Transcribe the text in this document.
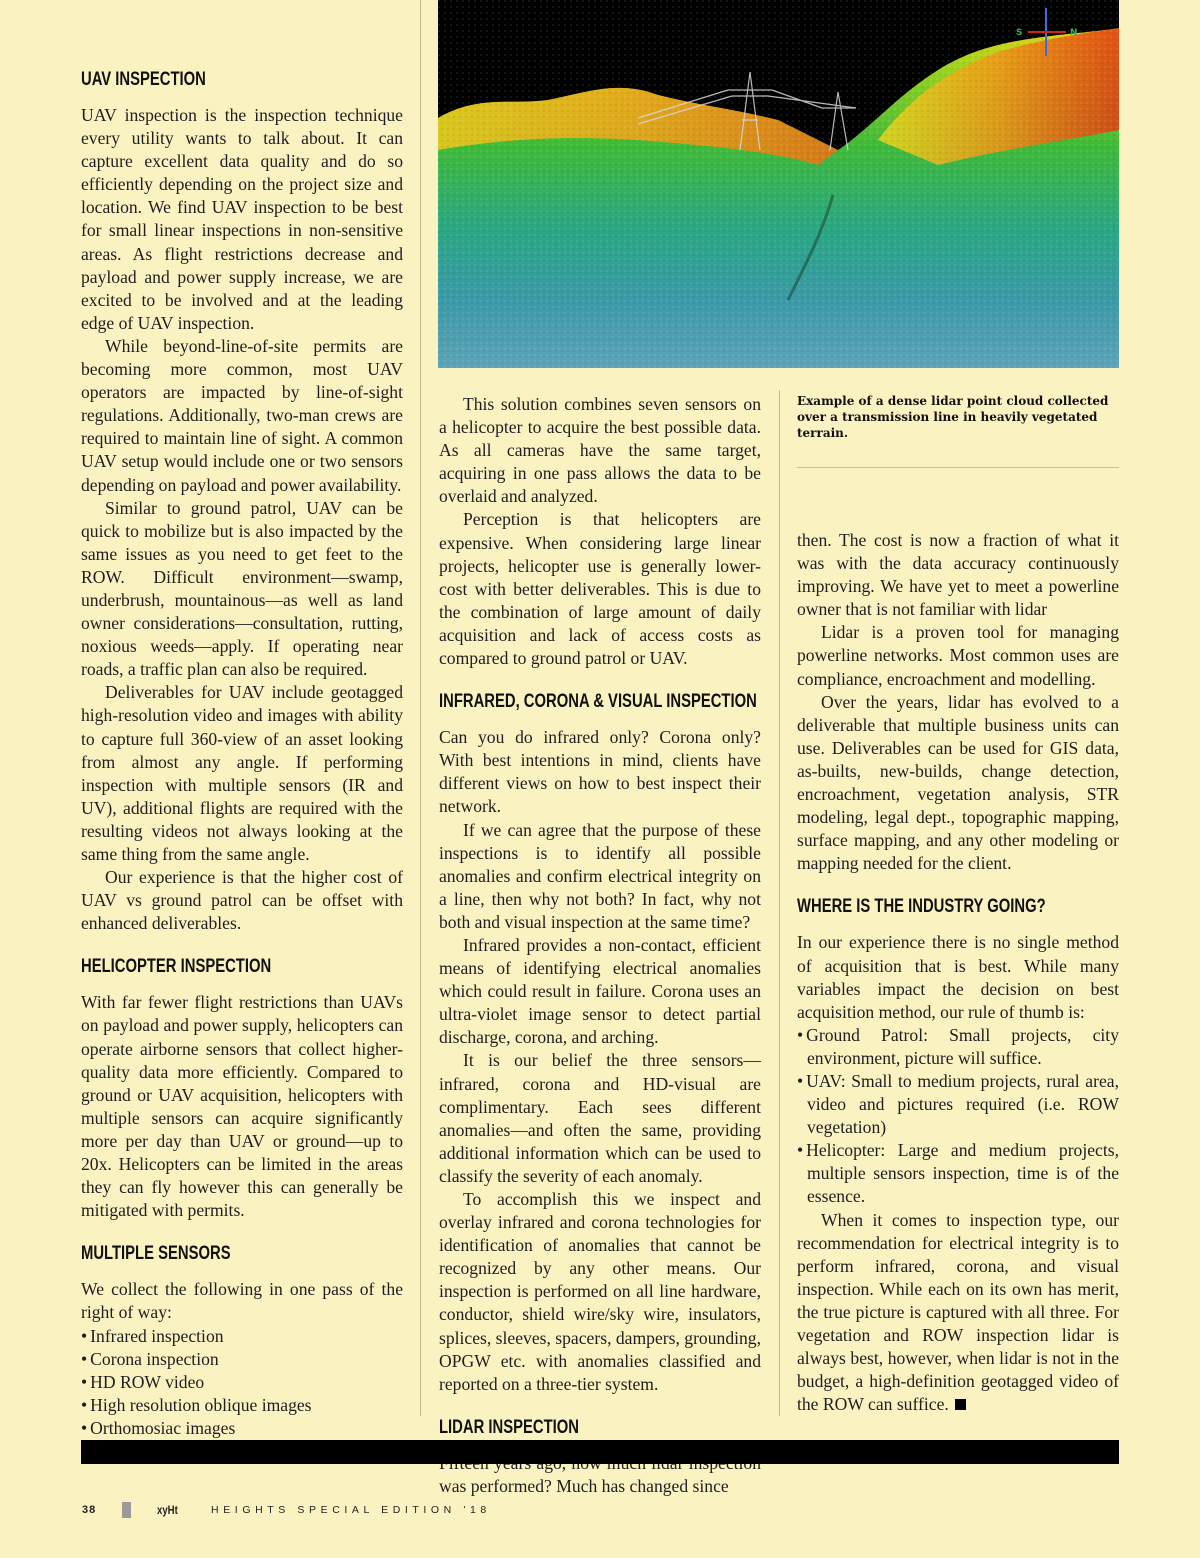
UAV INSPECTION

UAV inspection is the inspection technique every utility wants to talk about. It can capture excellent data quality and do so efficiently depending on the project size and location. We find UAV inspection to be best for small linear inspections in non-sensitive areas. As flight restrictions decrease and payload and power supply increase, we are excited to be involved and at the leading edge of UAV inspection.

While beyond-line-of-site permits are becoming more common, most UAV operators are impacted by line-of-sight regulations. Additionally, two-man crews are required to maintain line of sight. A common UAV setup would include one or two sensors depending on payload and power availability.

Similar to ground patrol, UAV can be quick to mobilize but is also impacted by the same issues as you need to get feet to the ROW. Difficult environment—swamp, underbrush, mountainous—as well as land owner considerations—consultation, rutting, noxious weeds—apply. If operating near roads, a traffic plan can also be required.

Deliverables for UAV include geotagged high-resolution video and images with ability to capture full 360-view of an asset looking from almost any angle. If performing inspection with multiple sensors (IR and UV), additional flights are required with the resulting videos not always looking at the same thing from the same angle.

Our experience is that the higher cost of UAV vs ground patrol can be offset with enhanced deliverables.

HELICOPTER INSPECTION

With far fewer flight restrictions than UAVs on payload and power supply, helicopters can operate airborne sensors that collect higher-quality data more efficiently. Compared to ground or UAV acquisition, helicopters with multiple sensors can acquire significantly more per day than UAV or ground—up to 20x. Helicopters can be limited in the areas they can fly however this can generally be mitigated with permits.

MULTIPLE SENSORS

We collect the following in one pass of the right of way:

• Infrared inspection
• Corona inspection
• HD ROW video
• High resolution oblique images
• Orthomosiac images
•
S	N

This solution combines seven sensors on a helicopter to acquire the best possible data. As all cameras have the same target, acquiring in one pass allows the data to be overlaid and analyzed.

Perception is that helicopters are expensive. When considering large linear projects, helicopter use is generally lower-cost with better deliverables. This is due to the combination of large amount of daily acquisition and lack of access costs as compared to ground patrol or UAV.

INFRARED, CORONA & VISUAL INSPECTION

Can you do infrared only? Corona only? With best intentions in mind, clients have different views on how to best inspect their network.

If we can agree that the purpose of these inspections is to identify all possible anomalies and confirm electrical integrity on a line, then why not both? In fact, why not both and visual inspection at the same time?

Infrared provides a non-contact, efficient means of identifying electrical anomalies which could result in failure. Corona uses an ultra-violet image sensor to detect partial discharge, corona, and arching.

It is our belief the three sensors—infrared, corona and HD-visual are complimentary. Each sees different anomalies—and often the same, providing additional information which can be used to classify the severity of each anomaly.

To accomplish this we inspect and overlay infrared and corona technologies for identification of anomalies that cannot be recognized by any other means. Our inspection is performed on all line hardware, conductor, shield wire/sky wire, insulators, splices, sleeves, spacers, dampers, grounding, OPGW etc. with anomalies classified and reported on a three-tier system.

LIDAR INSPECTION

was performed? Much has changed since

Example of a dense lidar point cloud collected over a transmission line in heavily vegetated terrain.

then. The cost is now a fraction of what it was with the data accuracy continuously improving. We have yet to meet a powerline owner that is not familiar with lidar

Lidar is a proven tool for managing powerline networks. Most common uses are compliance, encroachment and modelling.

Over the years, lidar has evolved to a deliverable that multiple business units can use. Deliverables can be used for GIS data, as-builts, new-builds, change detection, encroachment, vegetation analysis, STR modeling, legal dept., topographic mapping, surface mapping, and any other modeling or mapping needed for the client.

WHERE IS THE INDUSTRY GOING?

In our experience there is no single method of acquisition that is best. While many variables impact the decision on best acquisition method, our rule of thumb is:

• Ground Patrol: Small projects, city environment, picture will suffice.
• UAV: Small to medium projects, rural area, video and pictures required (i.e. ROW vegetation)
• Helicopter: Large and medium projects, multiple sensors inspection, time is of the essence.

When it comes to inspection type, our recommendation for electrical integrity is to perform infrared, corona, and visual inspection. While each on its own has merit, the true picture is captured with all three. For vegetation and ROW inspection lidar is always best, however, when lidar is not in the budget, a high-definition geotagged video of the ROW can suffice.

38	xyHt	HEIGHTS SPECIAL EDITION '18
